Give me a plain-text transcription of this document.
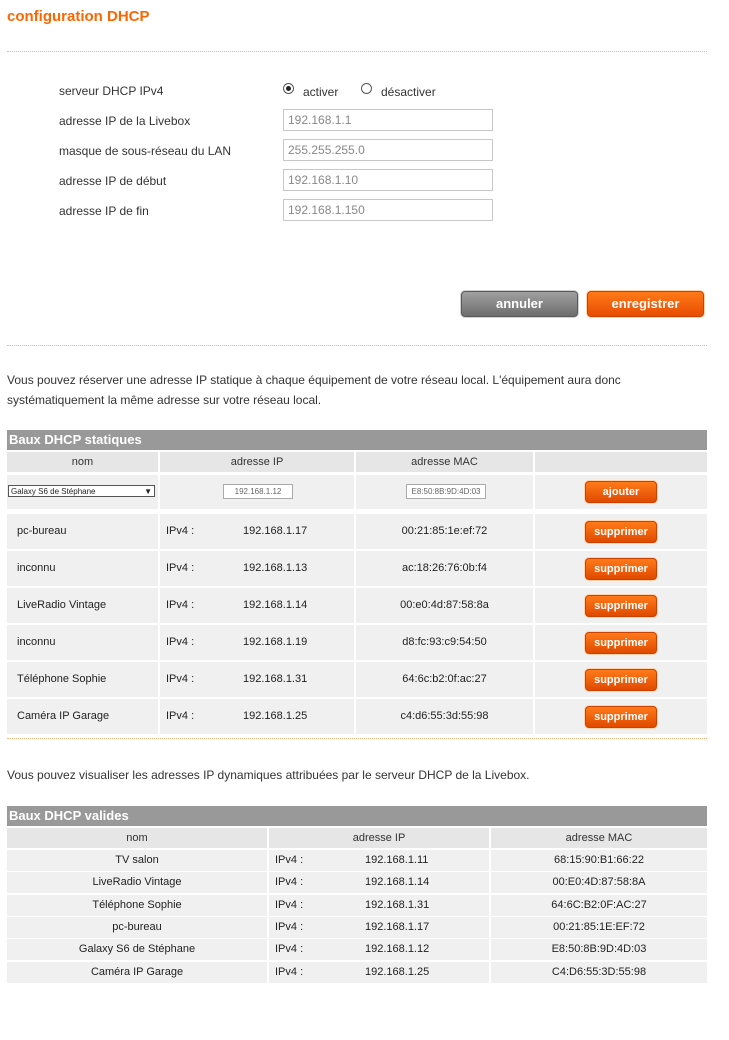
configuration DHCP
serveur DHCP IPv4	activer	désactiver
adresse IP de la Livebox	192.168.1.1
masque de sous-réseau du LAN	255.255.255.0
adresse IP de début	192.168.1.10
adresse IP de fin	192.168.1.150
annuler	enregistrer
Vous pouvez réserver une adresse IP statique à chaque équipement de votre réseau local. L'équipement aura donc systématiquement la même adresse sur votre réseau local.
Baux DHCP statiques
nom	adresse IP	adresse MAC
Galaxy S6 de Stéphane	▼	192.168.1.12	E8:50:8B:9D:4D:03	ajouter
pc-bureau	IPv4 :	192.168.1.17	00:21:85:1e:ef:72	supprimer
inconnu	IPv4 :	192.168.1.13	ac:18:26:76:0b:f4	supprimer
LiveRadio Vintage	IPv4 :	192.168.1.14	00:e0:4d:87:58:8a	supprimer
inconnu	IPv4 :	192.168.1.19	d8:fc:93:c9:54:50	supprimer
Téléphone Sophie	IPv4 :	192.168.1.31	64:6c:b2:0f:ac:27	supprimer
Caméra IP Garage	IPv4 :	192.168.1.25	c4:d6:55:3d:55:98	supprimer
Vous pouvez visualiser les adresses IP dynamiques attribuées par le serveur DHCP de la Livebox.
Baux DHCP valides
nom	adresse IP	adresse MAC
TV salon	IPv4 :	192.168.1.11	68:15:90:B1:66:22
LiveRadio Vintage	IPv4 :	192.168.1.14	00:E0:4D:87:58:8A
Téléphone Sophie	IPv4 :	192.168.1.31	64:6C:B2:0F:AC:27
pc-bureau	IPv4 :	192.168.1.17	00:21:85:1E:EF:72
Galaxy S6 de Stéphane	IPv4 :	192.168.1.12	E8:50:8B:9D:4D:03
Caméra IP Garage	IPv4 :	192.168.1.25	C4:D6:55:3D:55:98
